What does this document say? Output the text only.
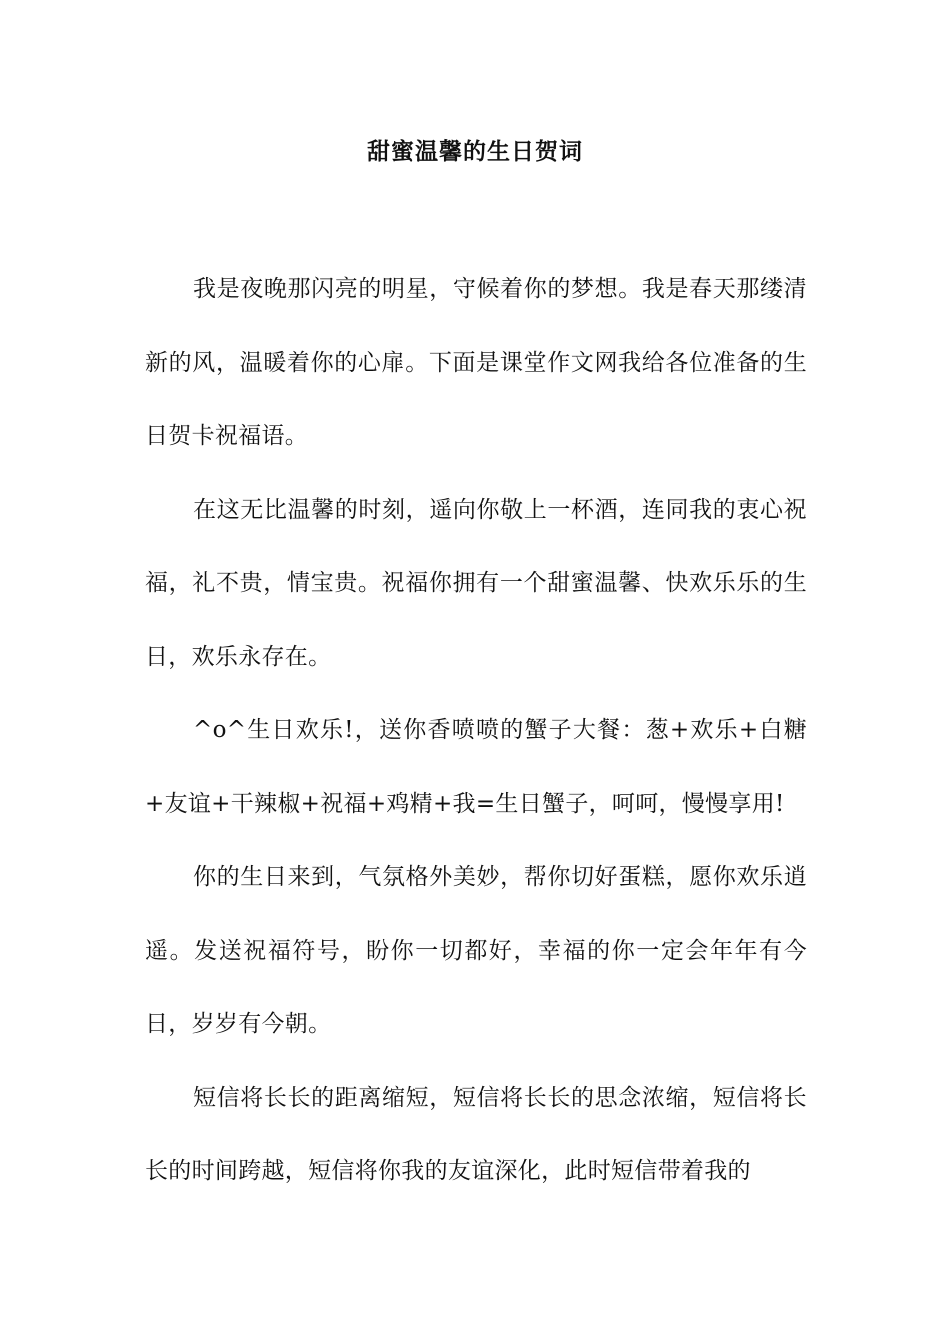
甜蜜温馨的生日贺词

我是夜晚那闪亮的明星，守候着你的梦想。我是春天那缕清新的风，温暖着你的心扉。下面是课堂作文网我给各位准备的生日贺卡祝福语。

在这无比温馨的时刻，遥向你敬上一杯酒，连同我的衷心祝福，礼不贵，情宝贵。祝福你拥有一个甜蜜温馨、快欢乐乐的生日，欢乐永存在。

^o^生日欢乐!，送你香喷喷的蟹子大餐：葱+欢乐+白糖+友谊+干辣椒+祝福+鸡精+我=生日蟹子，呵呵，慢慢享用!

你的生日来到，气氛格外美妙，帮你切好蛋糕，愿你欢乐逍遥。发送祝福符号，盼你一切都好，幸福的你一定会年年有今日，岁岁有今朝。

短信将长长的距离缩短，短信将长长的思念浓缩，短信将长长的时间跨越，短信将你我的友谊深化，此时短信带着我的
